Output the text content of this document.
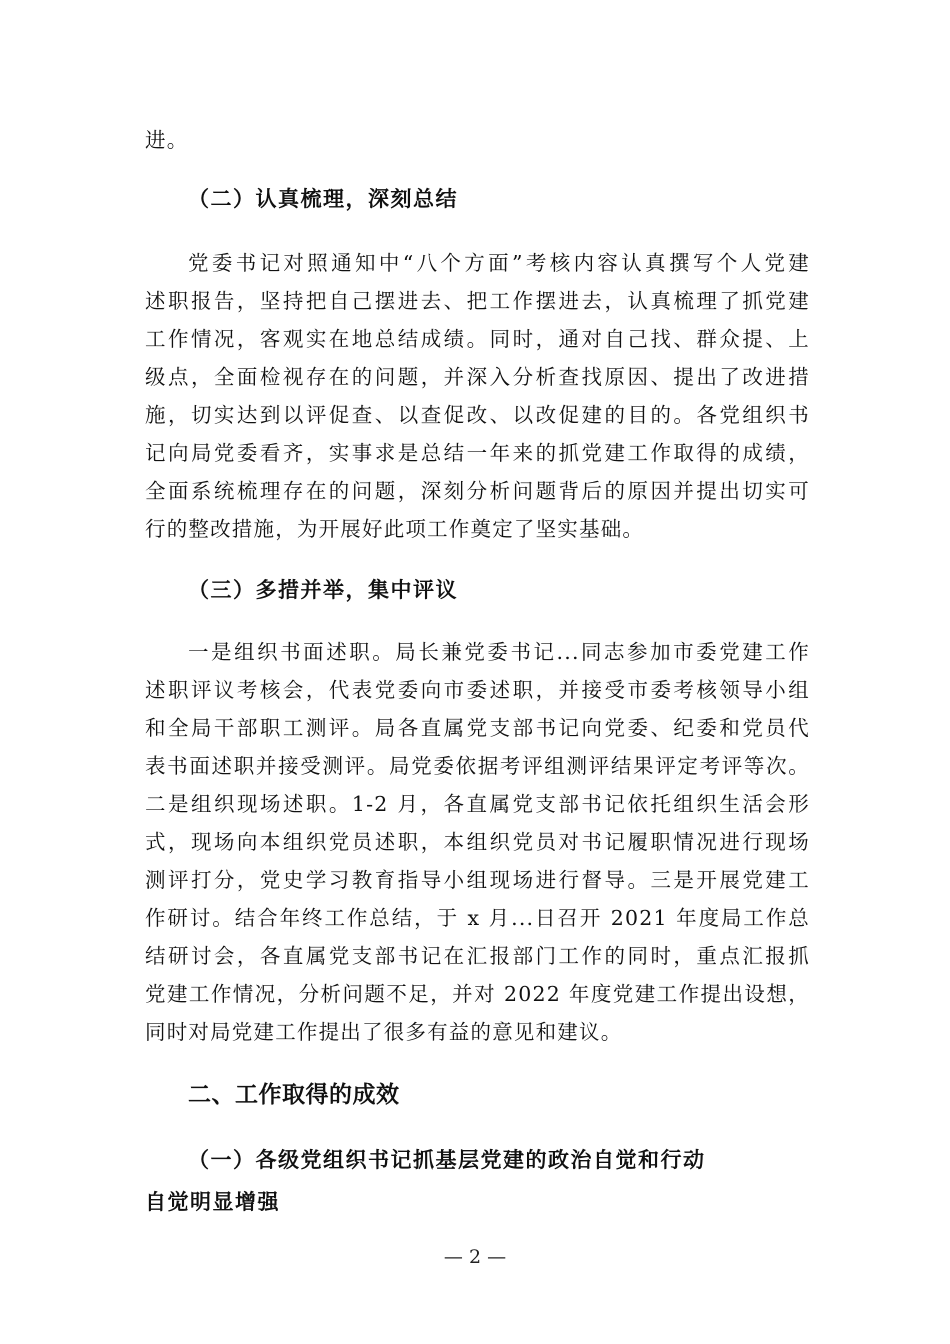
进。
（二）认真梳理，深刻总结
党委书记对照通知中“八个方面”考核内容认真撰写个人党建
述职报告，坚持把自己摆进去、把工作摆进去，认真梳理了抓党建
工作情况，客观实在地总结成绩。同时，通对自己找、群众提、上
级点，全面检视存在的问题，并深入分析查找原因、提出了改进措
施，切实达到以评促查、以查促改、以改促建的目的。各党组织书
记向局党委看齐，实事求是总结一年来的抓党建工作取得的成绩，
全面系统梳理存在的问题，深刻分析问题背后的原因并提出切实可
行的整改措施，为开展好此项工作奠定了坚实基础。
（三）多措并举，集中评议
一是组织书面述职。局长兼党委书记...同志参加市委党建工作
述职评议考核会，代表党委向市委述职，并接受市委考核领导小组
和全局干部职工测评。局各直属党支部书记向党委、纪委和党员代
表书面述职并接受测评。局党委依据考评组测评结果评定考评等次。
二是组织现场述职。1-2 月，各直属党支部书记依托组织生活会形
式，现场向本组织党员述职，本组织党员对书记履职情况进行现场
测评打分，党史学习教育指导小组现场进行督导。三是开展党建工
作研讨。结合年终工作总结，于 x 月...日召开 2021 年度局工作总
结研讨会，各直属党支部书记在汇报部门工作的同时，重点汇报抓
党建工作情况，分析问题不足，并对 2022 年度党建工作提出设想，
同时对局党建工作提出了很多有益的意见和建议。
二、工作取得的成效
（一）各级党组织书记抓基层党建的政治自觉和行动
自觉明显增强
— 2 —
